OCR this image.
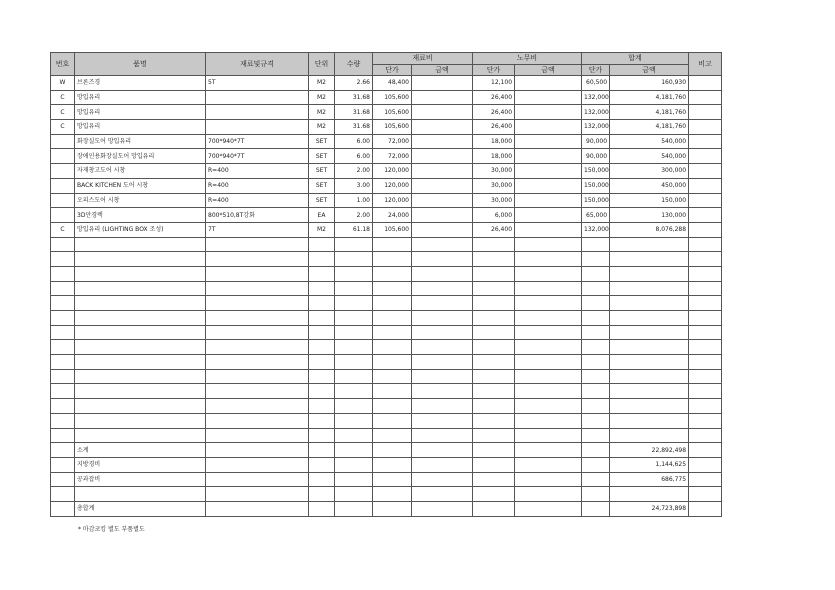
번호	품명	재료및규격	단위	수량	재료비		노무비		합계		비고
					단가	금액	단가	금액	단가	금액	
W	브론즈경	5T	M2	2.66	48,400		12,100		60,500	160,930	
C	망입유리		M2	31.68	105,600		26,400		132,000	4,181,760	
C	망입유리		M2	31.68	105,600		26,400		132,000	4,181,760	
C	망입유리		M2	31.68	105,600		26,400		132,000	4,181,760	
	화장실도어 망입유리	700*940*7T	SET	6.00	72,000		18,000		90,000	540,000	
	장애인용화장실도어 망입유리	700*940*7T	SET	6.00	72,000		18,000		90,000	540,000	
	자재창고도어 시창	R=400	SET	2.00	120,000		30,000		150,000	300,000	
	BACK KITCHEN 도어 시창	R=400	SET	3.00	120,000		30,000		150,000	450,000	
	오피스도어 시창	R=400	SET	1.00	120,000		30,000		150,000	150,000	
	3D안경렉	800*510,8T강화	EA	2.00	24,000		6,000		65,000	130,000	
C	망입유리 (LIGHTING BOX 조성)	7T	M2	61.18	105,600		26,400		132,000	8,076,288	

	소계									22,892,498	
	지방경비									1,144,625	
	공과잡비									686,775	

	총합계									24,723,898	
* 마감코킹 별도 부품별도
